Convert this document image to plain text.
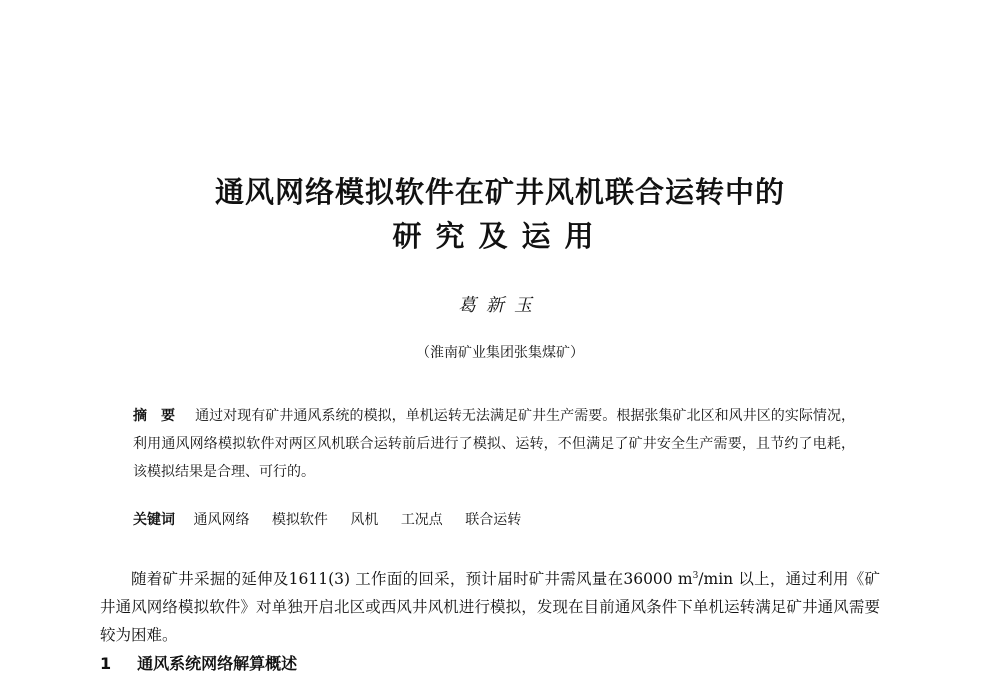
通风网络模拟软件在矿井风机联合运转中的
研究及运用
葛新玉
（淮南矿业集团张集煤矿）
摘要 通过对现有矿井通风系统的模拟，单机运转无法满足矿井生产需要。根据张集矿北区和风井区的实际情况，利用通风网络模拟软件对两区风机联合运转前后进行了模拟、运转，不但满足了矿井安全生产需要，且节约了电耗，该模拟结果是合理、可行的。
关键词 通风网络 模拟软件 风机 工况点 联合运转

随着矿井采掘的延伸及1611(3) 工作面的回采，预计届时矿井需风量在36000 $m^3/\min$ 以上，通过利用《矿井通风网络模拟软件》对单独开启北区或西风井风机进行模拟，发现在目前通风条件下单机运转满足矿井通风需要较为困难。

1 通风系统网络解算概述
